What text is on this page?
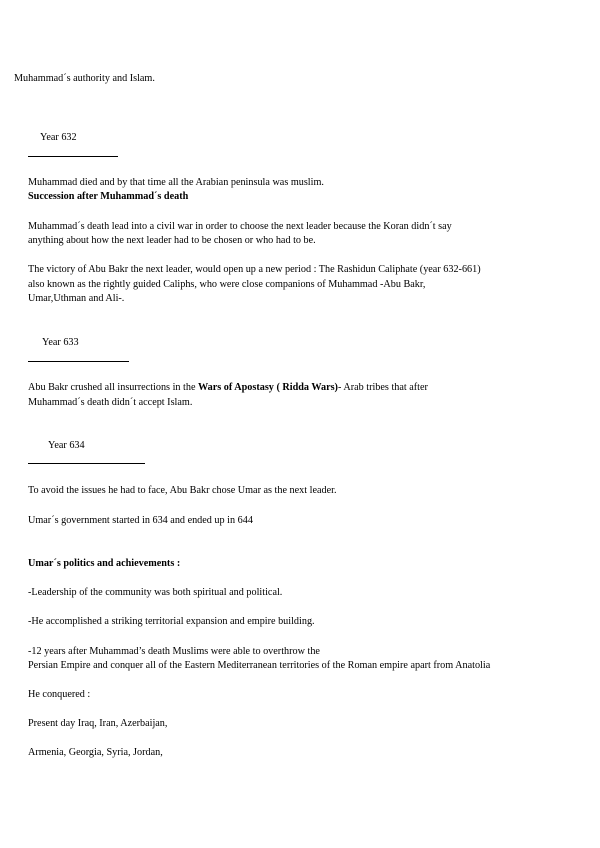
Muhammad´s authority and Islam.
Year 632
Muhammad died and by that time all the Arabian peninsula was muslim.
Succession after Muhammad´s death
Muhammad´s death lead into a civil war in order to choose the next leader because the Koran didn´t say
anything about how the next leader had to be chosen or who had to be.
The victory of Abu Bakr the next leader, would open up a new period : The Rashidun Caliphate (year 632-661)
also known as the rightly guided Caliphs, who were close companions of Muhammad -Abu Bakr,
Umar,Uthman and Ali-.
Year 633
Abu Bakr crushed all insurrections in the Wars of Apostasy ( Ridda Wars)- Arab tribes that after
Muhammad´s death didn´t accept Islam.
Year 634
To avoid the issues he had to face, Abu Bakr chose Umar as the next leader.
Umar´s government started in 634 and ended up in 644
Umar´s politics and achievements :
-Leadership of the community was both spiritual and political.
-He accomplished a striking territorial expansion and empire building.
-12 years after Muhammad’s death Muslims were able to overthrow the
Persian Empire and conquer all of the Eastern Mediterranean territories of the Roman empire apart from Anatolia
He conquered :
Present day Iraq, Iran, Azerbaijan,
Armenia, Georgia, Syria, Jordan,
